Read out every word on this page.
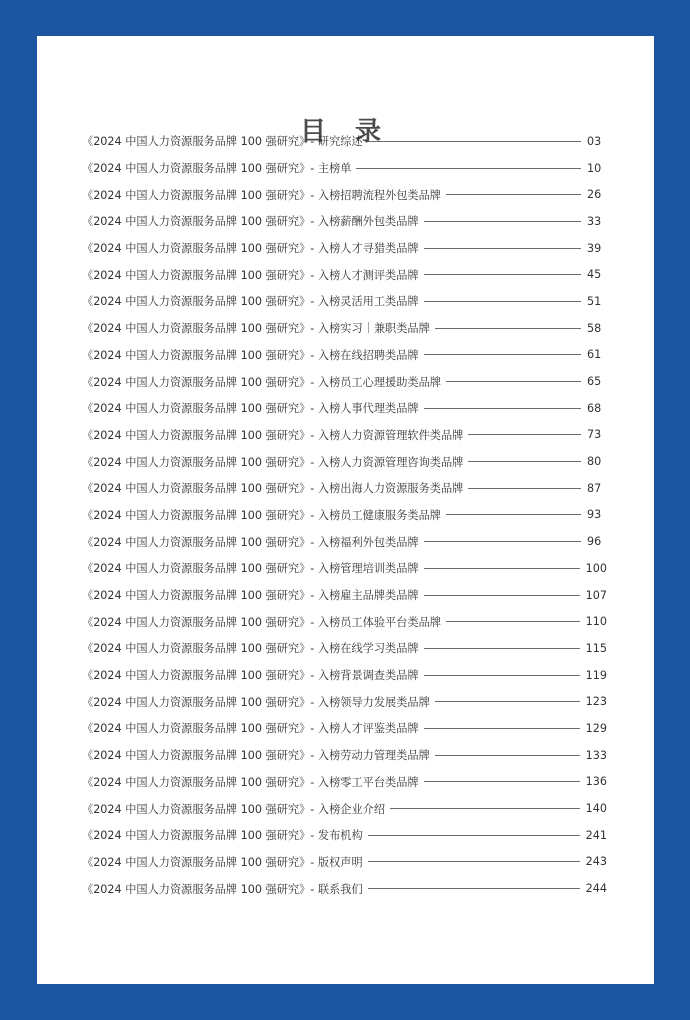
目 录
《2024 中国人力资源服务品牌 100 强研究》- 研究综述	03
《2024 中国人力资源服务品牌 100 强研究》- 主榜单	10
《2024 中国人力资源服务品牌 100 强研究》- 入榜招聘流程外包类品牌	26
《2024 中国人力资源服务品牌 100 强研究》- 入榜薪酬外包类品牌	33
《2024 中国人力资源服务品牌 100 强研究》- 入榜人才寻猎类品牌	39
《2024 中国人力资源服务品牌 100 强研究》- 入榜人才测评类品牌	45
《2024 中国人力资源服务品牌 100 强研究》- 入榜灵活用工类品牌	51
《2024 中国人力资源服务品牌 100 强研究》- 入榜实习｜兼职类品牌	58
《2024 中国人力资源服务品牌 100 强研究》- 入榜在线招聘类品牌	61
《2024 中国人力资源服务品牌 100 强研究》- 入榜员工心理援助类品牌	65
《2024 中国人力资源服务品牌 100 强研究》- 入榜人事代理类品牌	68
《2024 中国人力资源服务品牌 100 强研究》- 入榜人力资源管理软件类品牌	73
《2024 中国人力资源服务品牌 100 强研究》- 入榜人力资源管理咨询类品牌	80
《2024 中国人力资源服务品牌 100 强研究》- 入榜出海人力资源服务类品牌	87
《2024 中国人力资源服务品牌 100 强研究》- 入榜员工健康服务类品牌	93
《2024 中国人力资源服务品牌 100 强研究》- 入榜福利外包类品牌	96
《2024 中国人力资源服务品牌 100 强研究》- 入榜管理培训类品牌	100
《2024 中国人力资源服务品牌 100 强研究》- 入榜雇主品牌类品牌	107
《2024 中国人力资源服务品牌 100 强研究》- 入榜员工体验平台类品牌	110
《2024 中国人力资源服务品牌 100 强研究》- 入榜在线学习类品牌	115
《2024 中国人力资源服务品牌 100 强研究》- 入榜背景调查类品牌	119
《2024 中国人力资源服务品牌 100 强研究》- 入榜领导力发展类品牌	123
《2024 中国人力资源服务品牌 100 强研究》- 入榜人才评鉴类品牌	129
《2024 中国人力资源服务品牌 100 强研究》- 入榜劳动力管理类品牌	133
《2024 中国人力资源服务品牌 100 强研究》- 入榜零工平台类品牌	136
《2024 中国人力资源服务品牌 100 强研究》- 入榜企业介绍	140
《2024 中国人力资源服务品牌 100 强研究》- 发布机构	241
《2024 中国人力资源服务品牌 100 强研究》- 版权声明	243
《2024 中国人力资源服务品牌 100 强研究》- 联系我们	244
